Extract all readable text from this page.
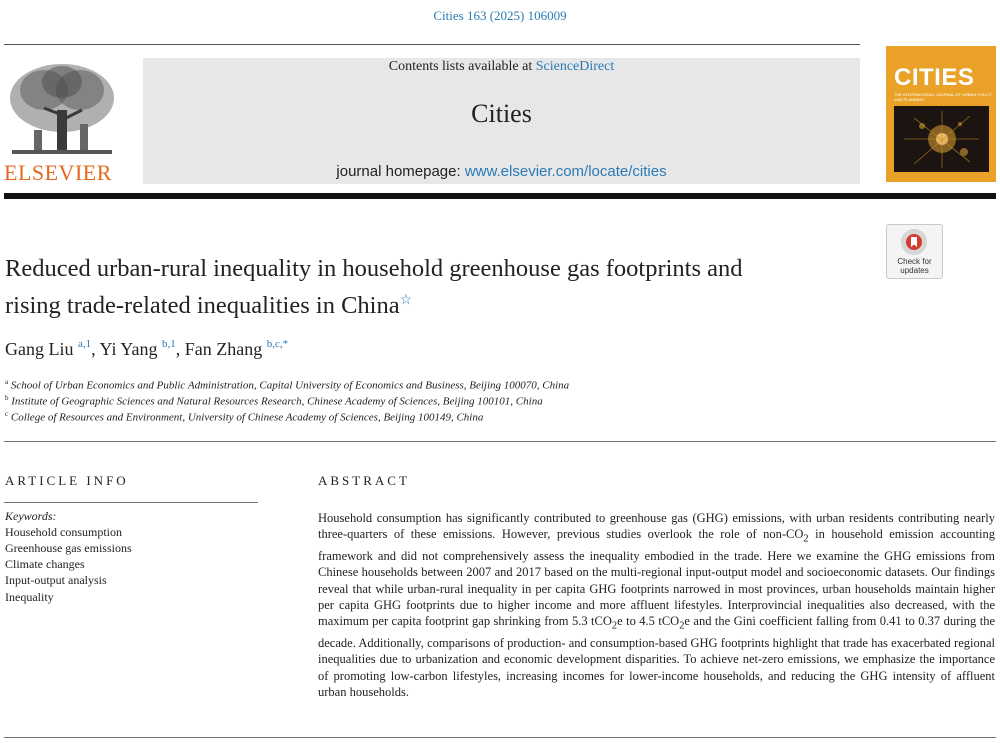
Cities 163 (2025) 106009
ELSEVIER
Contents lists available at ScienceDirect
Cities
journal homepage: www.elsevier.com/locate/cities
CITIES
THE INTERNATIONAL JOURNAL OF URBAN POLICY AND PLANNING
Check for
updates
Reduced urban-rural inequality in household greenhouse gas footprints and
rising trade-related inequalities in China☆
Gang Liu $^{a,1}$, Yi Yang $^{b,1}$, Fan Zhang $^{b,c,*}$
$^a$ School of Urban Economics and Public Administration, Capital University of Economics and Business, Beijing 100070, China
$^b$ Institute of Geographic Sciences and Natural Resources Research, Chinese Academy of Sciences, Beijing 100101, China
$^c$ College of Resources and Environment, University of Chinese Academy of Sciences, Beijing 100149, China
ARTICLE INFO
Keywords:
Household consumption
Greenhouse gas emissions
Climate changes
Input-output analysis
Inequality
ABSTRACT
Household consumption has significantly contributed to greenhouse gas (GHG) emissions, with urban residents contributing nearly three-quarters of these emissions. However, previous studies overlook the role of non-$CO_2$ in household emission accounting framework and did not comprehensively assess the inequality embodied in the trade. Here we examine the GHG emissions from Chinese households between 2007 and 2017 based on the multi-regional input-output model and socioeconomic datasets. Our findings reveal that while urban-rural inequality in per capita GHG footprints narrowed in most provinces, urban households maintain higher per capita GHG footprints due to higher income and more affluent lifestyles. Interprovincial inequalities also decreased, with the maximum per capita footprint gap shrinking from 5.3 tCO$_2$e to 4.5 tCO$_2$e and the Gini coefficient falling from 0.41 to 0.37 during the decade. Additionally, comparisons of production- and consumption-based GHG footprints highlight that trade has exacerbated regional inequalities due to urbanization and economic development disparities. To achieve net-zero emissions, we emphasize the importance of promoting low-carbon lifestyles, increasing incomes for lower-income households, and reducing the GHG intensity of affluent urban households.
